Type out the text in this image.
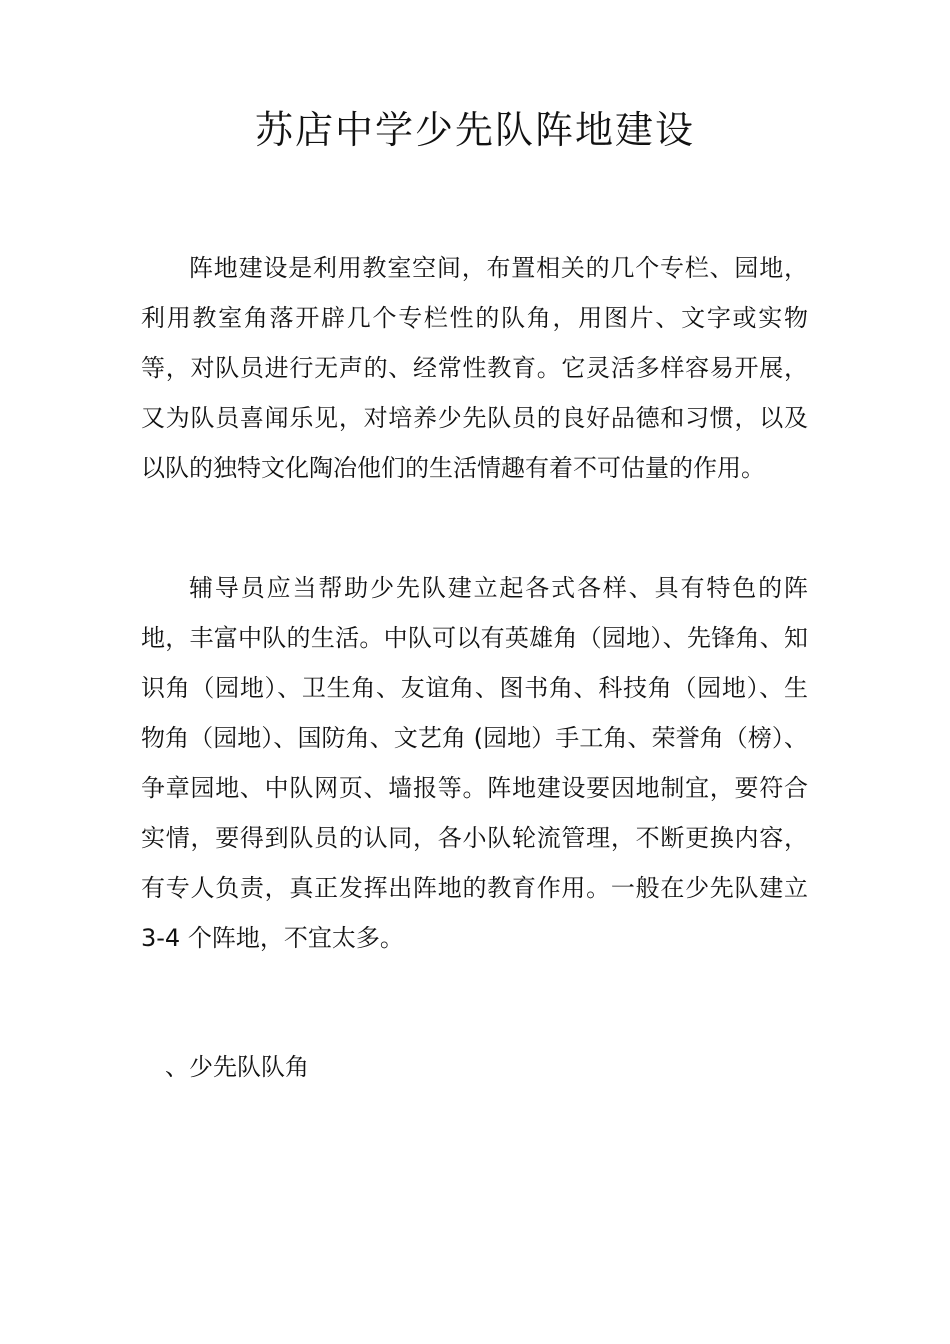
苏店中学少先队阵地建设

阵地建设是利用教室空间，布置相关的几个专栏、园地，利用教室角落开辟几个专栏性的队角，用图片、文字或实物等，对队员进行无声的、经常性教育。它灵活多样容易开展，又为队员喜闻乐见，对培养少先队员的良好品德和习惯，以及以队的独特文化陶冶他们的生活情趣有着不可估量的作用。

辅导员应当帮助少先队建立起各式各样、具有特色的阵地，丰富中队的生活。中队可以有英雄角（园地）、先锋角、知识角（园地）、卫生角、友谊角、图书角、科技角（园地）、生物角（园地）、国防角、文艺角 (园地）手工角、荣誉角（榜）、争章园地、中队网页、墙报等。阵地建设要因地制宜，要符合实情，要得到队员的认同，各小队轮流管理，不断更换内容，有专人负责，真正发挥出阵地的教育作用。一般在少先队建立 3-4 个阵地，不宜太多。

、少先队队角
